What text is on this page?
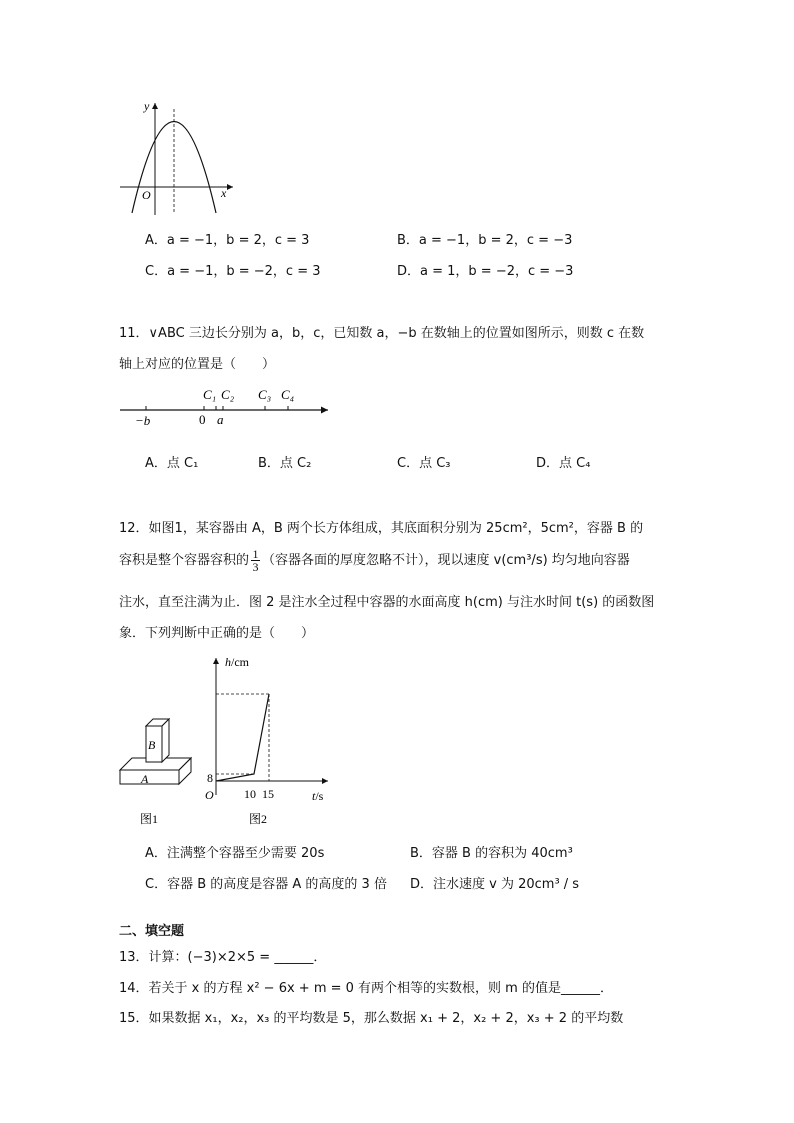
y
x
O
A．a = −1，b = 2，c = 3	B．a = −1，b = 2，c = −3
C．a = −1，b = −2，c = 3	D．a = 1，b = −2，c = −3
11．∨ABC 三边长分别为 a，b，c，已知数 a，−b 在数轴上的位置如图所示，则数 c 在数
轴上对应的位置是（　　）
−b	0 a
C₁ C₂ C₃ C₄
A．点 C₁	B．点 C₂	C．点 C₃	D．点 C₄
12．如图1，某容器由 A，B 两个长方体组成，其底面积分别为 25cm²，5cm²，容器 B 的
容积是整个容器容积的 $\frac{1}{3}$ （容器各面的厚度忽略不计），现以速度 v(cm³/s) 均匀地向容器
注水，直至注满为止．图 2 是注水全过程中容器的水面高度 h(cm) 与注水时间 t(s) 的函数图
象．下列判断中正确的是（　　）
B
A
图1
h/cm
t/s
O
8
10 15
图2
A．注满整个容器至少需要 20s	B．容器 B 的容积为 40cm³
C．容器 B 的高度是容器 A 的高度的 3 倍 D．注水速度 v 为 20cm³ / s
二、填空题
13．计算：(−3)×2×5 = ______．
14．若关于 x 的方程 x² − 6x + m = 0 有两个相等的实数根，则 m 的值是______．
15．如果数据 x₁，x₂，x₃ 的平均数是 5，那么数据 x₁ + 2，x₂ + 2，x₃ + 2 的平均数
